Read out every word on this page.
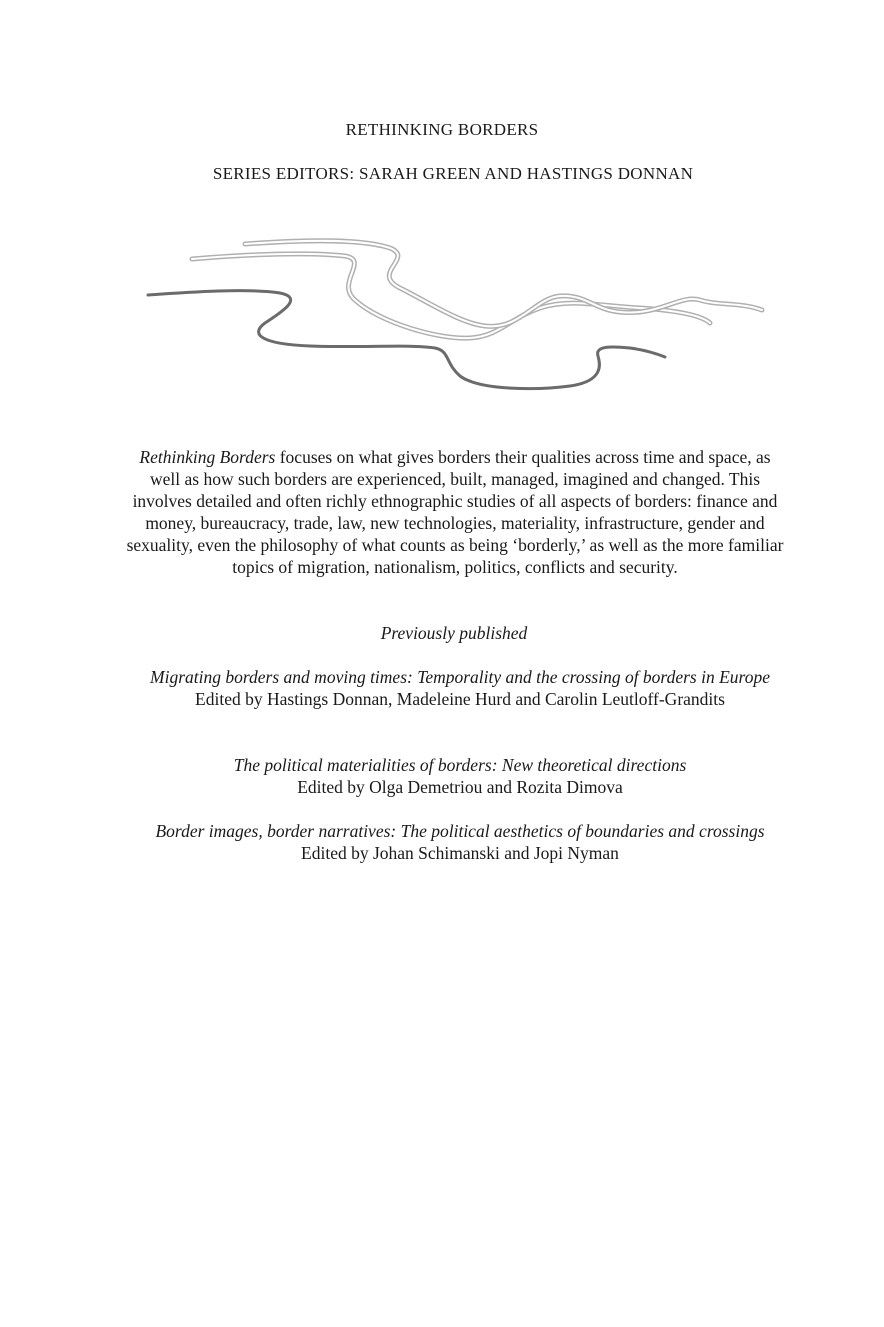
RETHINKING BORDERS
SERIES EDITORS: SARAH GREEN AND HASTINGS DONNAN
Rethinking Borders focuses on what gives borders their qualities across time and space, as well as how such borders are experienced, built, managed, imagined and changed. This involves detailed and often richly ethnographic studies of all aspects of borders: finance and money, bureaucracy, trade, law, new technologies, materiality, infrastructure, gender and sexuality, even the philosophy of what counts as being ‘borderly,’ as well as the more familiar topics of migration, nationalism, politics, conflicts and security.
Previously published
Migrating borders and moving times: Temporality and the crossing of borders in Europe
Edited by Hastings Donnan, Madeleine Hurd and Carolin Leutloff-Grandits
The political materialities of borders: New theoretical directions
Edited by Olga Demetriou and Rozita Dimova
Border images, border narratives: The political aesthetics of boundaries and crossings
Edited by Johan Schimanski and Jopi Nyman
